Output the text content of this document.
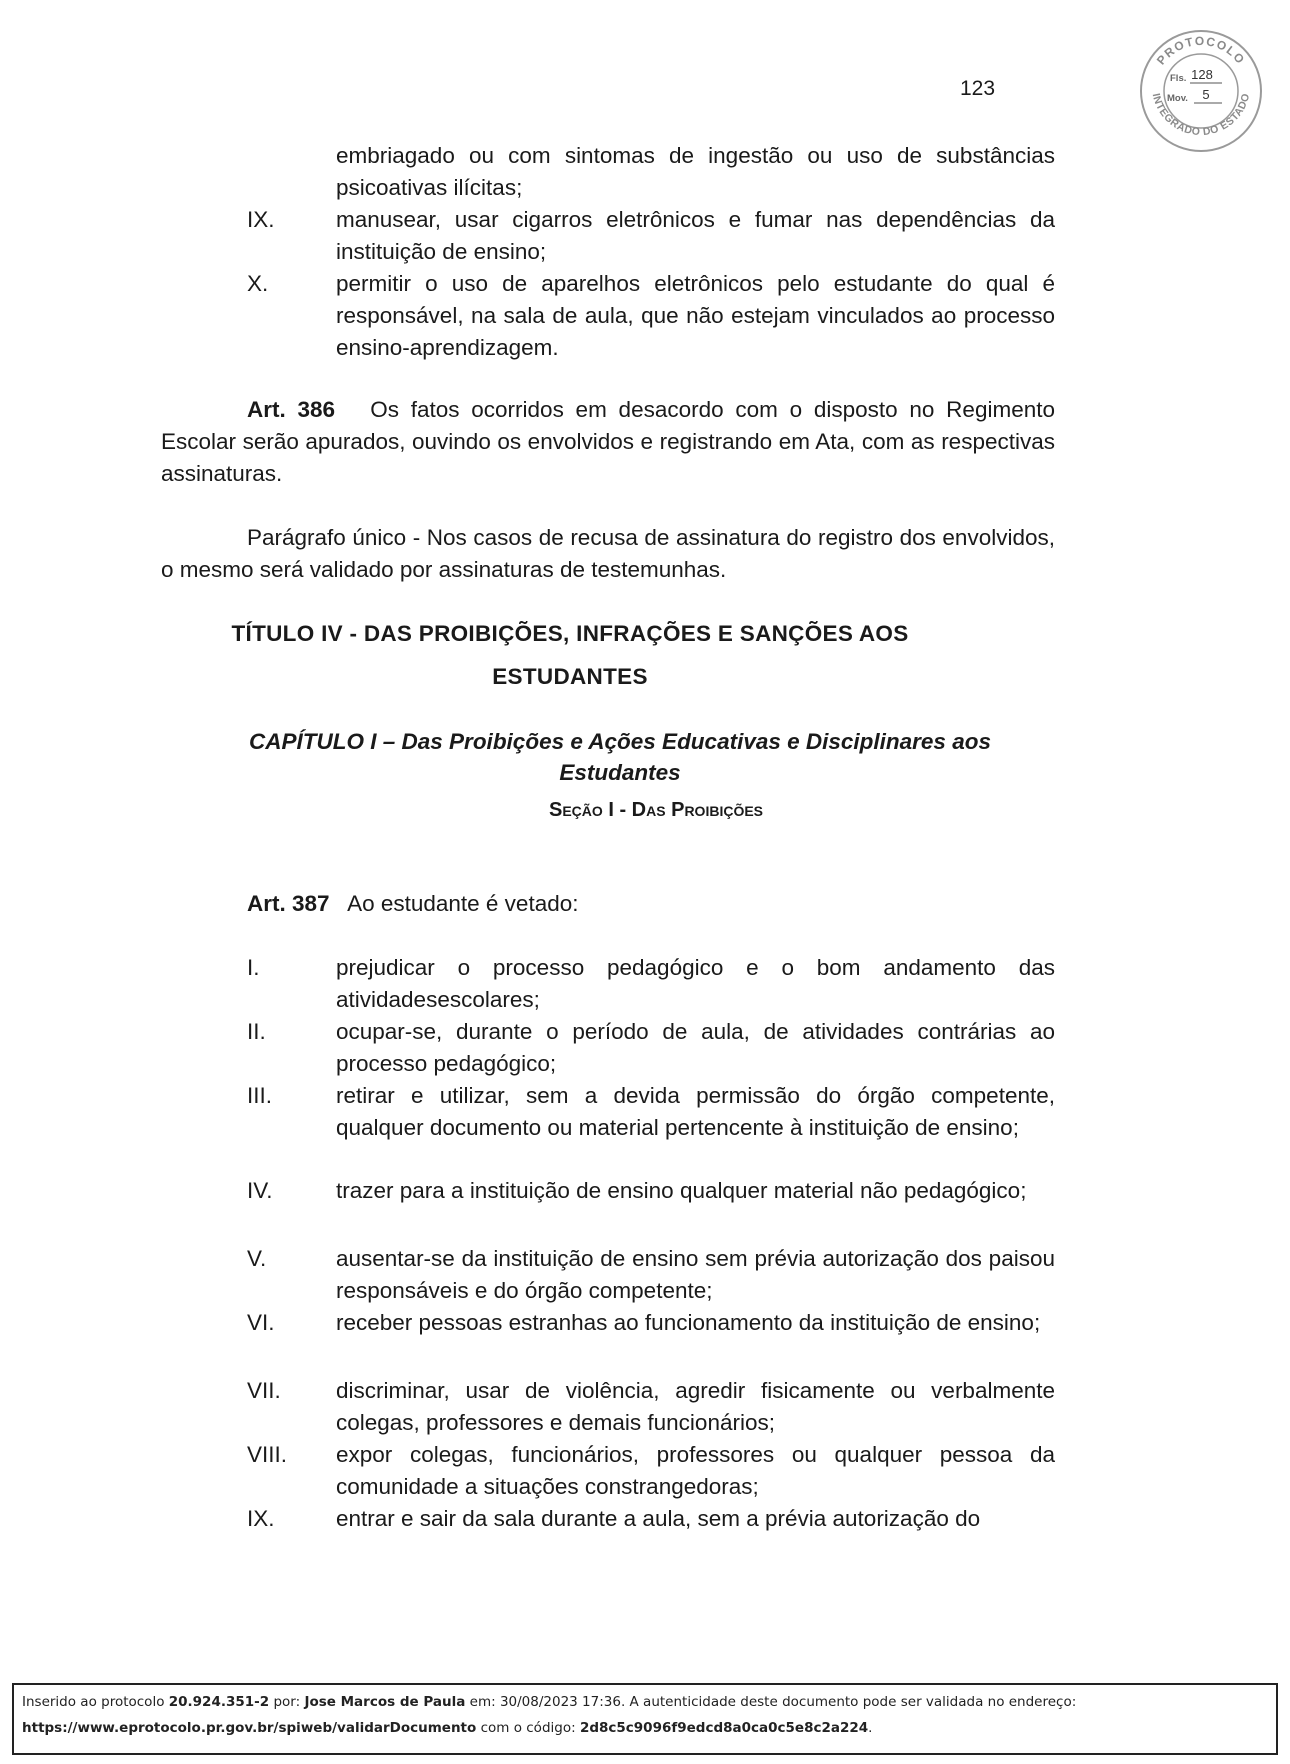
123
PROTOCOLO
INTEGRADO DO ESTADO
Fls. 128
Mov. 5
embriagado ou com sintomas de ingestão ou uso de substâncias psicoativas ilícitas;
IX.	manusear, usar cigarros eletrônicos e fumar nas dependências da instituição de ensino;
X.	permitir o uso de aparelhos eletrônicos pelo estudante do qual é responsável, na sala de aula, que não estejam vinculados ao processo ensino-aprendizagem.
Art. 386 Os fatos ocorridos em desacordo com o disposto no Regimento Escolar serão apurados, ouvindo os envolvidos e registrando em Ata, com as respectivas assinaturas.
Parágrafo único - Nos casos de recusa de assinatura do registro dos envolvidos, o mesmo será validado por assinaturas de testemunhas.
TÍTULO IV - DAS PROIBIÇÕES, INFRAÇÕES E SANÇÕES AOS
ESTUDANTES
CAPÍTULO I – Das Proibições e Ações Educativas e Disciplinares aos
Estudantes
Seção I - Das Proibições
Art. 387 Ao estudante é vetado:
I.	prejudicar o processo pedagógico e o bom andamento das atividadesescolares;
II.	ocupar-se, durante o período de aula, de atividades contrárias ao processo pedagógico;
III.	retirar e utilizar, sem a devida permissão do órgão competente, qualquer documento ou material pertencente à instituição de ensino;
IV.	trazer para a instituição de ensino qualquer material não pedagógico;
V.	ausentar-se da instituição de ensino sem prévia autorização dos paisou responsáveis e do órgão competente;
VI.	receber pessoas estranhas ao funcionamento da instituição de ensino;
VII. discriminar, usar de violência, agredir fisicamente ou verbalmente colegas, professores e demais funcionários;
VIII. expor colegas, funcionários, professores ou qualquer pessoa da comunidade a situações constrangedoras;
IX.	entrar e sair da sala durante a aula, sem a prévia autorização do
Inserido ao protocolo 20.924.351-2 por: Jose Marcos de Paula em: 30/08/2023 17:36. A autenticidade deste documento pode ser validada no endereço:
https://www.eprotocolo.pr.gov.br/spiweb/validarDocumento com o código: 2d8c5c9096f9edcd8a0ca0c5e8c2a224.
